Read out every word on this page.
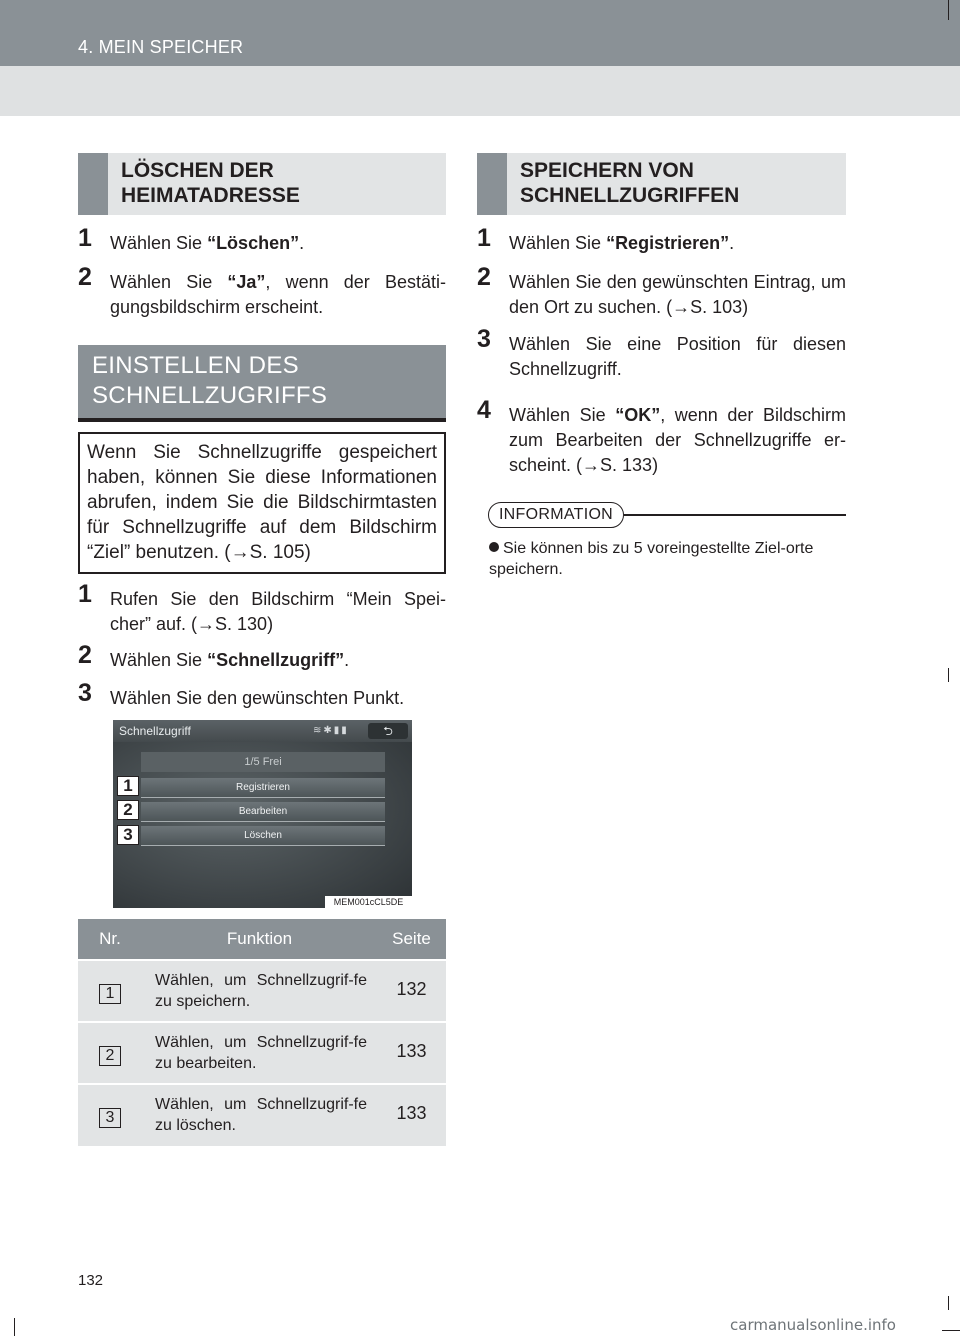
4. MEIN SPEICHER
LÖSCHEN DER
HEIMATADRESSE
1 Wählen Sie “Löschen”.
2 Wählen Sie “Ja”, wenn der Bestäti-gungsbildschirm erscheint.
EINSTELLEN DES
SCHNELLZUGRIFFS

Wenn Sie Schnellzugriffe gespeichert haben, können Sie diese Informationen abrufen, indem Sie die Bildschirmtasten für Schnellzugriffe auf dem Bildschirm “Ziel” benutzen. (→S. 105)

1 Rufen Sie den Bildschirm “Mein Spei-cher” auf. (→S. 130)
2 Wählen Sie “Schnellzugriff”.
3 Wählen Sie den gewünschten Punkt.
Schnellzugriff	≋✱▮▮	⮌
1/5 Frei
Registrieren
Bearbeiten
Löschen
MEM001cCL5DE
1
2
3
Nr.	Funktion	Seite
1	Wählen, um Schnellzugrif-fe zu speichern.	132
2	Wählen, um Schnellzugrif-fe zu bearbeiten.	133
3	Wählen, um Schnellzugrif-fe zu löschen.	133
SPEICHERN VON
SCHNELLZUGRIFFEN
1 Wählen Sie “Registrieren”.
2 Wählen Sie den gewünschten Eintrag, um den Ort zu suchen. (→S. 103)
3 Wählen Sie eine Position für diesen Schnellzugriff.
4 Wählen Sie “OK”, wenn der Bildschirm zum Bearbeiten der Schnellzugriffe er-scheint. (→S. 133)
INFORMATION
Sie können bis zu 5 voreingestellte Ziel-orte speichern.
132
carmanualsonline.info
